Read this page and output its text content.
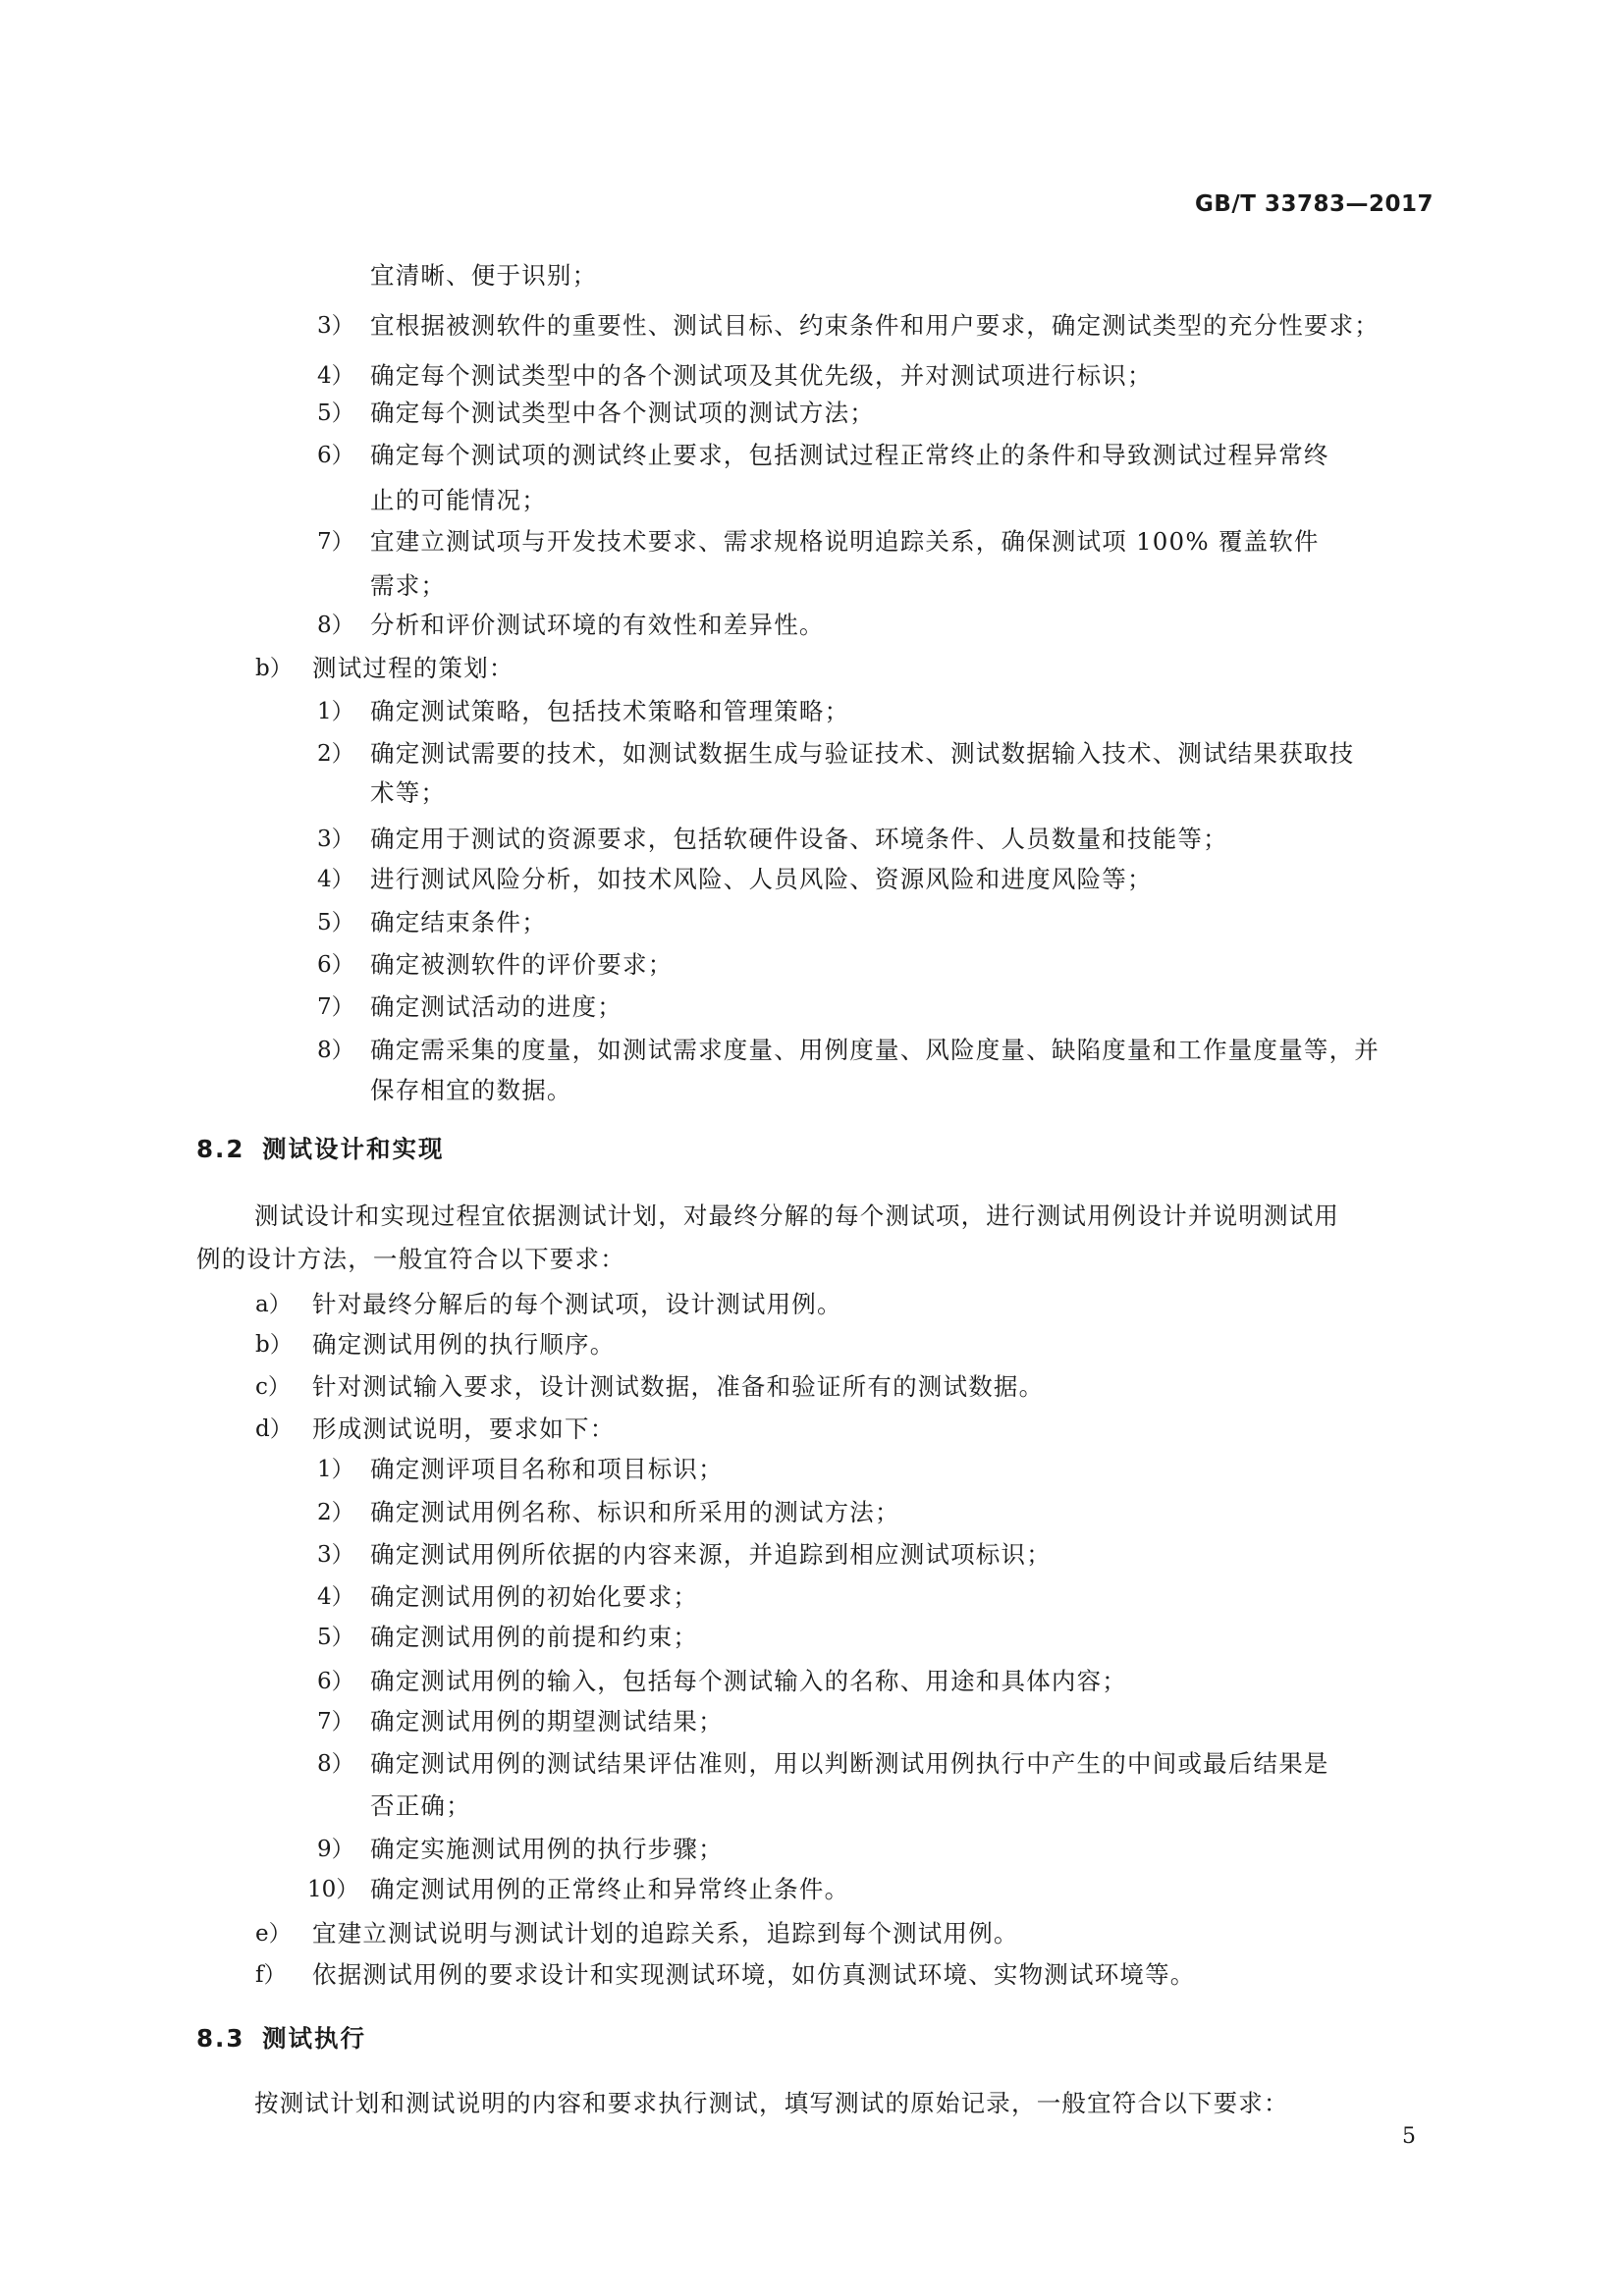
GB/T 33783—2017
宜清晰、便于识别；
3） 宜根据被测软件的重要性、测试目标、约束条件和用户要求，确定测试类型的充分性要求；
4） 确定每个测试类型中的各个测试项及其优先级，并对测试项进行标识；
5） 确定每个测试类型中各个测试项的测试方法；
6） 确定每个测试项的测试终止要求，包括测试过程正常终止的条件和导致测试过程异常终
止的可能情况；
7） 宜建立测试项与开发技术要求、需求规格说明追踪关系，确保测试项 100% 覆盖软件
需求；
8） 分析和评价测试环境的有效性和差异性。
b） 测试过程的策划：
1） 确定测试策略，包括技术策略和管理策略；
2） 确定测试需要的技术，如测试数据生成与验证技术、测试数据输入技术、测试结果获取技
术等；
3） 确定用于测试的资源要求，包括软硬件设备、环境条件、人员数量和技能等；
4） 进行测试风险分析，如技术风险、人员风险、资源风险和进度风险等；
5） 确定结束条件；
6） 确定被测软件的评价要求；
7） 确定测试活动的进度；
8） 确定需采集的度量，如测试需求度量、用例度量、风险度量、缺陷度量和工作量度量等，并
保存相宜的数据。
8.2 测试设计和实现
测试设计和实现过程宜依据测试计划，对最终分解的每个测试项，进行测试用例设计并说明测试用
例的设计方法，一般宜符合以下要求：
a） 针对最终分解后的每个测试项，设计测试用例。
b） 确定测试用例的执行顺序。
c） 针对测试输入要求，设计测试数据，准备和验证所有的测试数据。
d） 形成测试说明，要求如下：
1） 确定测评项目名称和项目标识；
2） 确定测试用例名称、标识和所采用的测试方法；
3） 确定测试用例所依据的内容来源，并追踪到相应测试项标识；
4） 确定测试用例的初始化要求；
5） 确定测试用例的前提和约束；
6） 确定测试用例的输入，包括每个测试输入的名称、用途和具体内容；
7） 确定测试用例的期望测试结果；
8） 确定测试用例的测试结果评估准则，用以判断测试用例执行中产生的中间或最后结果是
否正确；
9） 确定实施测试用例的执行步骤；
10） 确定测试用例的正常终止和异常终止条件。
e） 宜建立测试说明与测试计划的追踪关系，追踪到每个测试用例。
f） 依据测试用例的要求设计和实现测试环境，如仿真测试环境、实物测试环境等。
8.3 测试执行
按测试计划和测试说明的内容和要求执行测试，填写测试的原始记录，一般宜符合以下要求：
5
